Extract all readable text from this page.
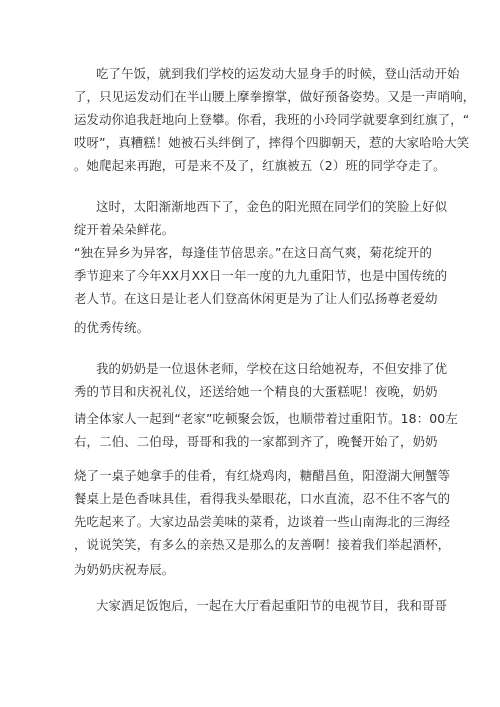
吃了午饭，就到我们学校的运发动大显身手的时候，登山活动开始
了，只见运发动们在半山腰上摩拳擦掌，做好预备姿势。又是一声哨响，
运发动你追我赶地向上登攀。你看，我班的小玲同学就要拿到红旗了，“
哎呀”，真糟糕！她被石头绊倒了，摔得个四脚朝天，惹的大家哈哈大笑
。她爬起来再跑，可是来不及了，红旗被五（2）班的同学夺走了。
这时，太阳渐渐地西下了，金色的阳光照在同学们的笑脸上好似
绽开着朵朵鲜花。
“独在异乡为异客，每逢佳节倍思亲。”在这日高气爽，菊花绽开的
季节迎来了今年XX月XX日一年一度的九九重阳节，也是中国传统的
老人节。在这日是让老人们登高休闲更是为了让人们弘扬尊老爱幼
的优秀传统。
我的奶奶是一位退休老师，学校在这日给她祝寿，不但安排了优
秀的节目和庆祝礼仪，还送给她一个精良的大蛋糕呢！夜晚，奶奶
请全体家人一起到“老家”吃顿聚会饭，也顺带着过重阳节。18：00左
右，二伯、二伯母，哥哥和我的一家都到齐了，晚餐开始了，奶奶
烧了一桌子她拿手的佳肴，有红烧鸡肉，糖醋昌鱼，阳澄湖大闸蟹等
餐桌上是色香味具佳，看得我头晕眼花，口水直流，忍不住不客气的
先吃起来了。大家边品尝美味的菜肴，边谈着一些山南海北的三海经
，说说笑笑，有多么的亲热又是那么的友善啊！接着我们举起酒杯，
为奶奶庆祝寿辰。
大家酒足饭饱后，一起在大厅看起重阳节的电视节目，我和哥哥
